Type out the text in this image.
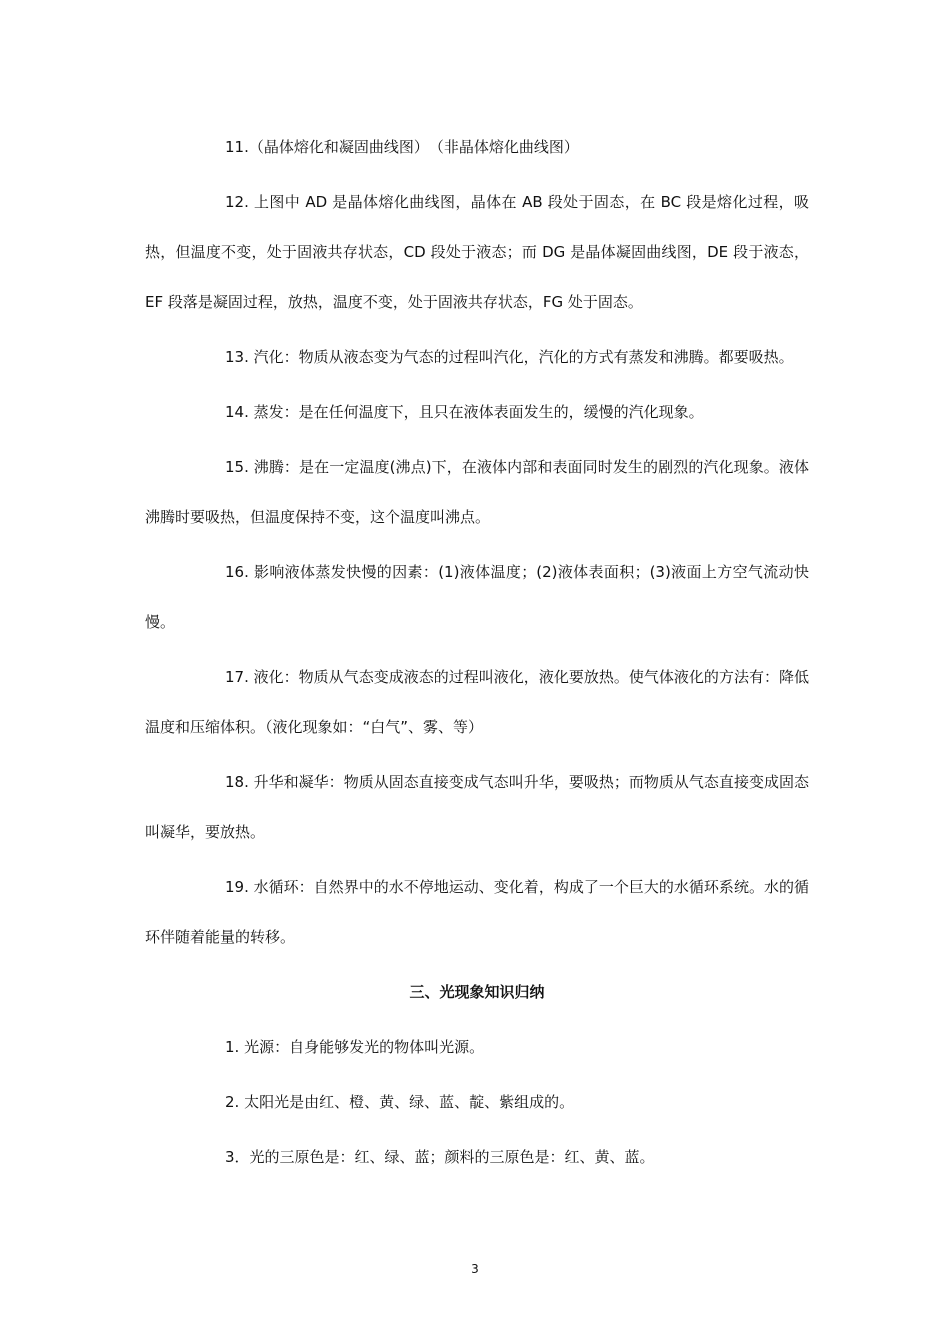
11.（晶体熔化和凝固曲线图）　（非晶体熔化曲线图）

12. 上图中 AD 是晶体熔化曲线图，晶体在 AB 段处于固态，在 BC 段是熔化过程，吸热，但温度不变，处于固液共存状态，CD 段处于液态；而 DG 是晶体凝固曲线图，DE 段于液态，EF 段落是凝固过程，放热，温度不变，处于固液共存状态，FG 处于固态。

13. 汽化：物质从液态变为气态的过程叫汽化，汽化的方式有蒸发和沸腾。都要吸热。

14. 蒸发：是在任何温度下，且只在液体表面发生的，缓慢的汽化现象。

15. 沸腾：是在一定温度(沸点)下，在液体内部和表面同时发生的剧烈的汽化现象。液体沸腾时要吸热，但温度保持不变，这个温度叫沸点。

16. 影响液体蒸发快慢的因素：(1)液体温度；(2)液体表面积；(3)液面上方空气流动快慢。

17. 液化：物质从气态变成液态的过程叫液化，液化要放热。使气体液化的方法有：降低温度和压缩体积。（液化现象如：“白气”、雾、等）

18. 升华和凝华：物质从固态直接变成气态叫升华，要吸热；而物质从气态直接变成固态叫凝华，要放热。

19. 水循环：自然界中的水不停地运动、变化着，构成了一个巨大的水循环系统。水的循环伴随着能量的转移。

三、光现象知识归纳

1. 光源：自身能够发光的物体叫光源。

2. 太阳光是由红、橙、黄、绿、蓝、靛、紫组成的。

3．光的三原色是：红、绿、蓝；颜料的三原色是：红、黄、蓝。

3
